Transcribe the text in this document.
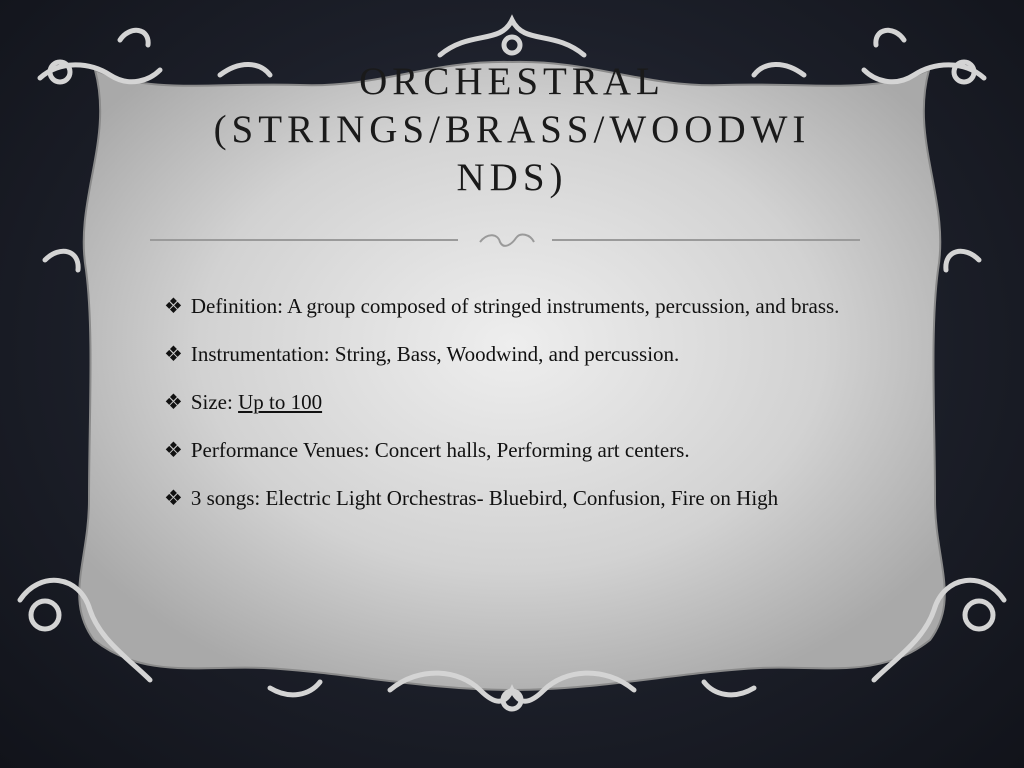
ORCHESTRAL
(STRINGS/BRASS/WOODWI
NDS)
❖ Definition: A group composed of stringed instruments, percussion, and brass.
❖ Instrumentation: String, Bass, Woodwind, and percussion.
❖ Size: Up to 100
❖ Performance Venues: Concert halls, Performing art centers.
❖ 3 songs: Electric Light Orchestras- Bluebird, Confusion, Fire on High
